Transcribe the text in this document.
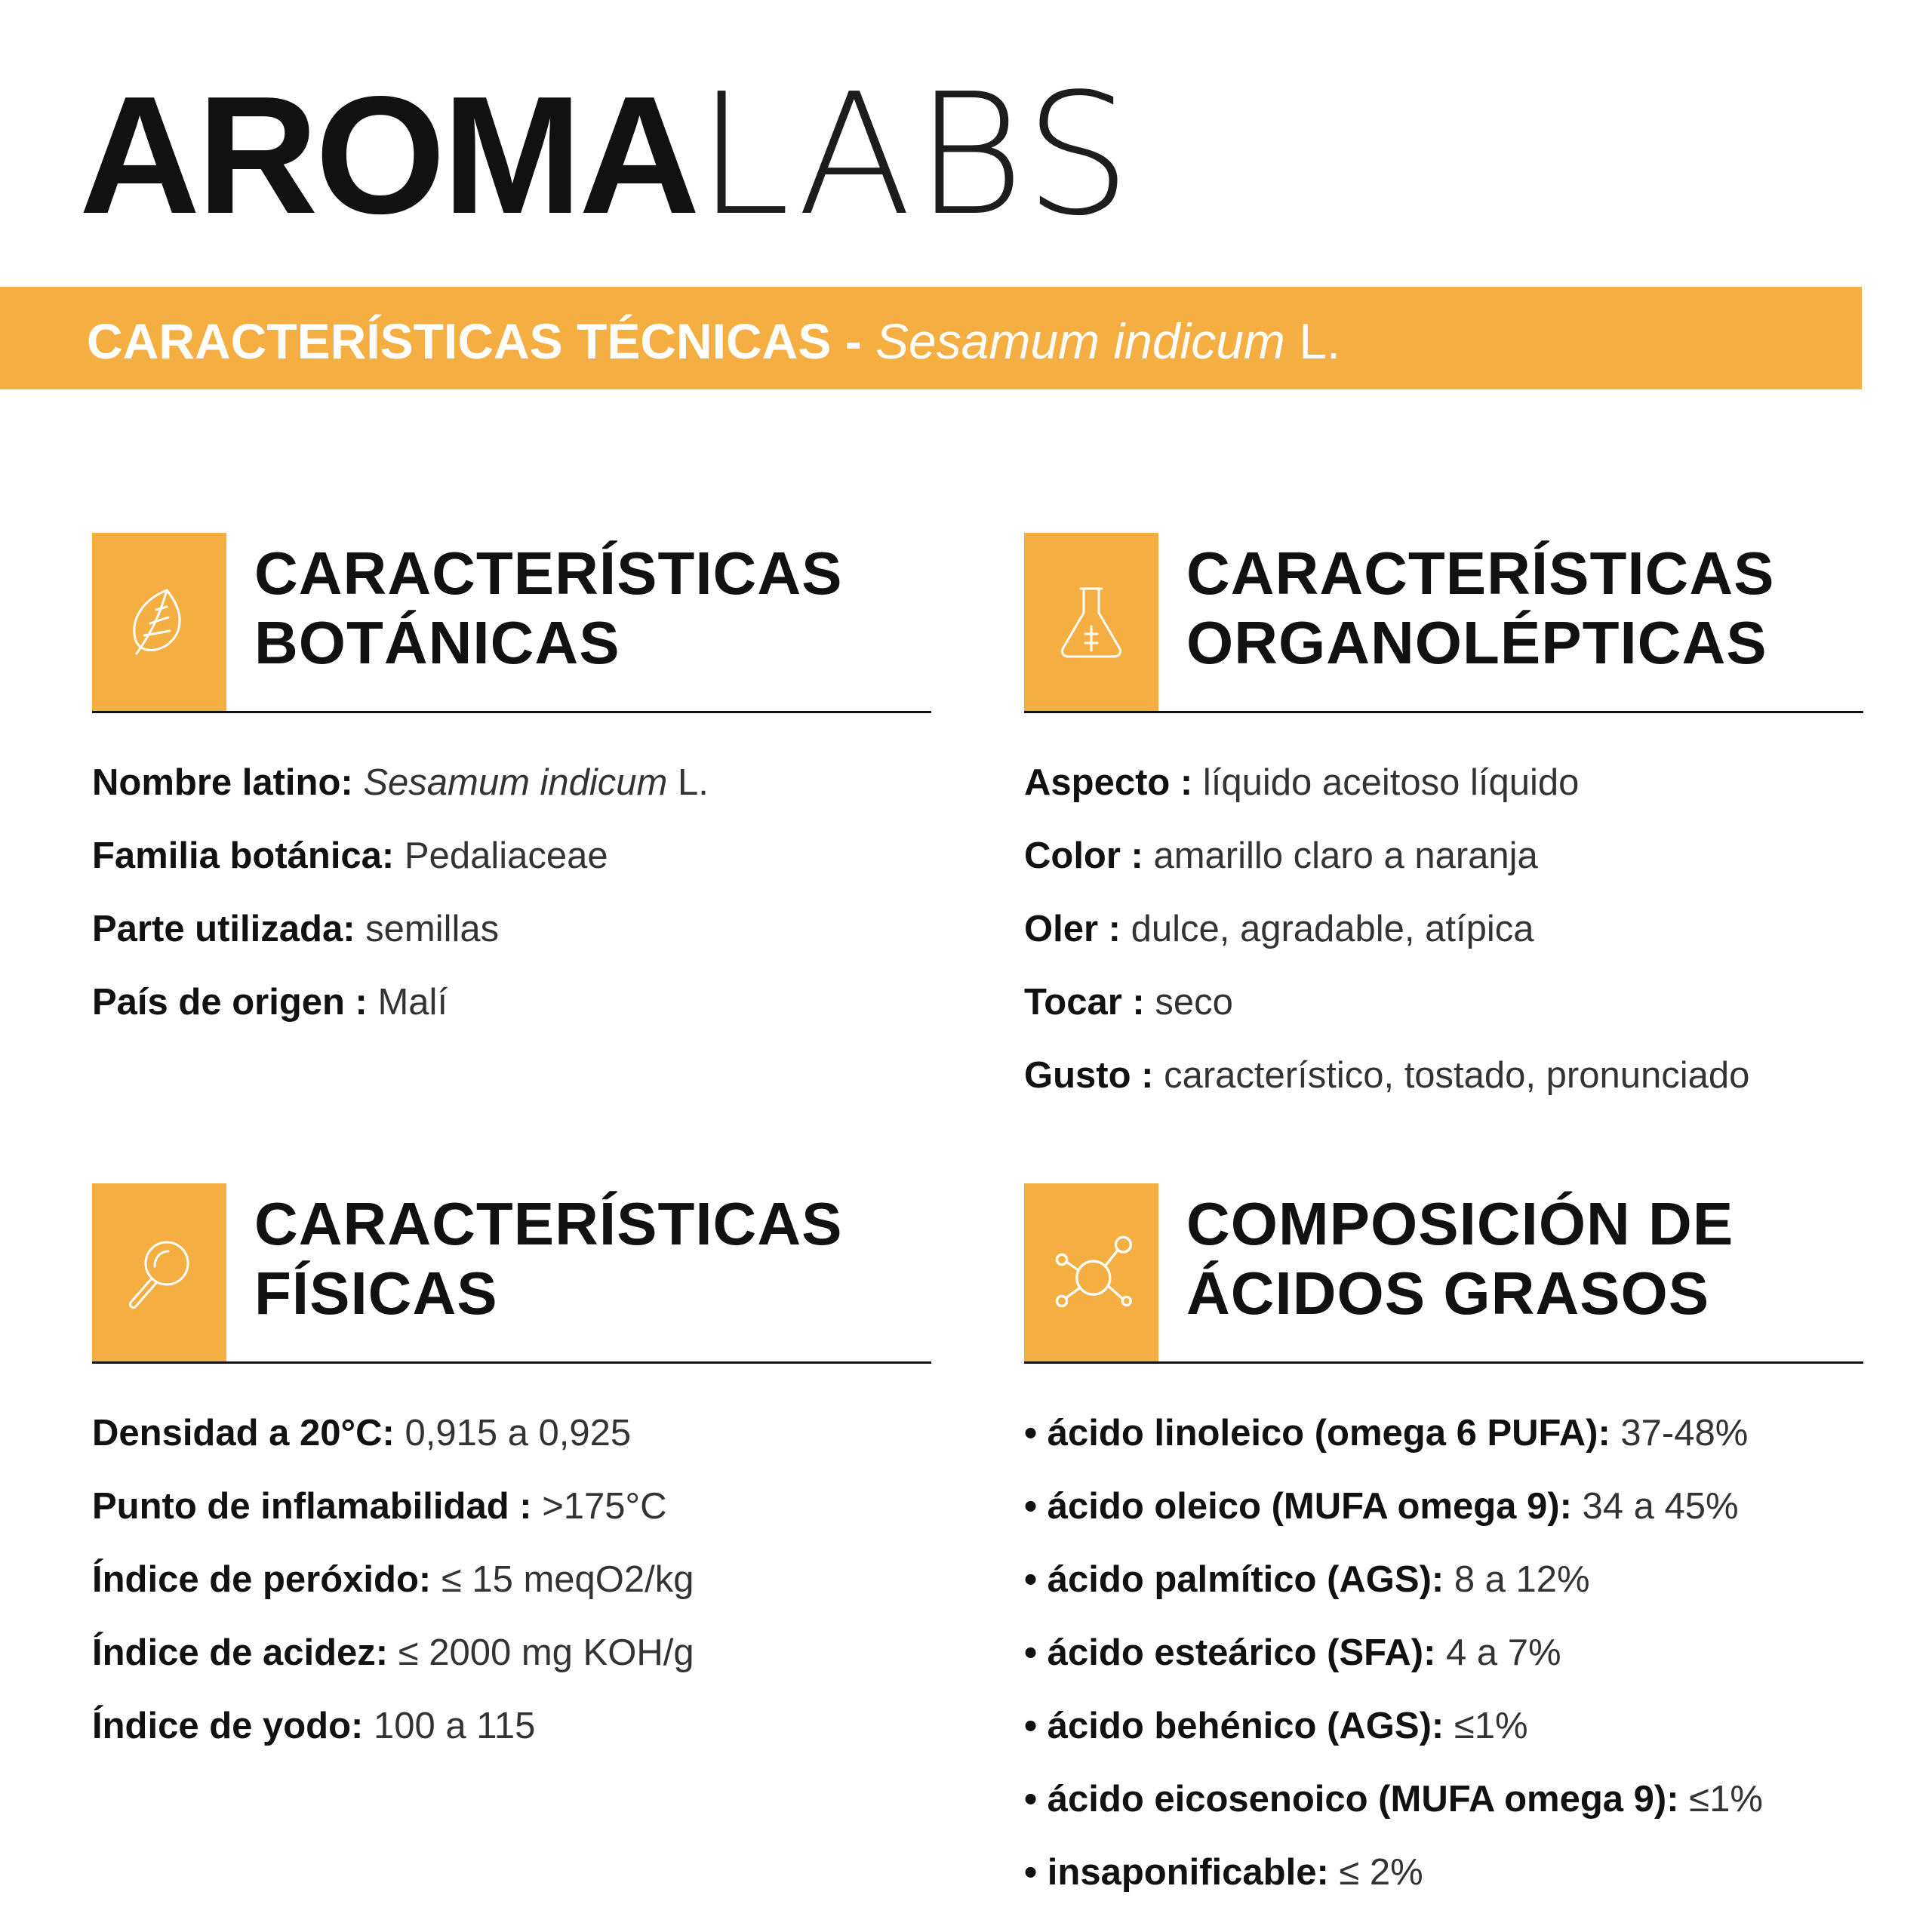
AROMALABS
CARACTERÍSTICAS TÉCNICAS - Sesamum indicum L.
CARACTERÍSTICAS
BOTÁNICAS
Nombre latino: Sesamum indicum L.
Familia botánica: Pedaliaceae
Parte utilizada: semillas
País de origen : Malí
CARACTERÍSTICAS
ORGANOLÉPTICAS
Aspecto : líquido aceitoso líquido
Color : amarillo claro a naranja
Oler : dulce, agradable, atípica
Tocar : seco
Gusto : característico, tostado, pronunciado
CARACTERÍSTICAS
FÍSICAS
Densidad a 20°C: 0,915 a 0,925
Punto de inflamabilidad : >175°C
Índice de peróxido: ≤ 15 meqO2/kg
Índice de acidez: ≤ 2000 mg KOH/g
Índice de yodo: 100 a 115
COMPOSICIÓN DE
ÁCIDOS GRASOS
• ácido linoleico (omega 6 PUFA): 37-48%
• ácido oleico (MUFA omega 9): 34 a 45%
• ácido palmítico (AGS): 8 a 12%
• ácido esteárico (SFA): 4 a 7%
• ácido behénico (AGS): ≤1%
• ácido eicosenoico (MUFA omega 9): ≤1%
• insaponificable: ≤ 2%
